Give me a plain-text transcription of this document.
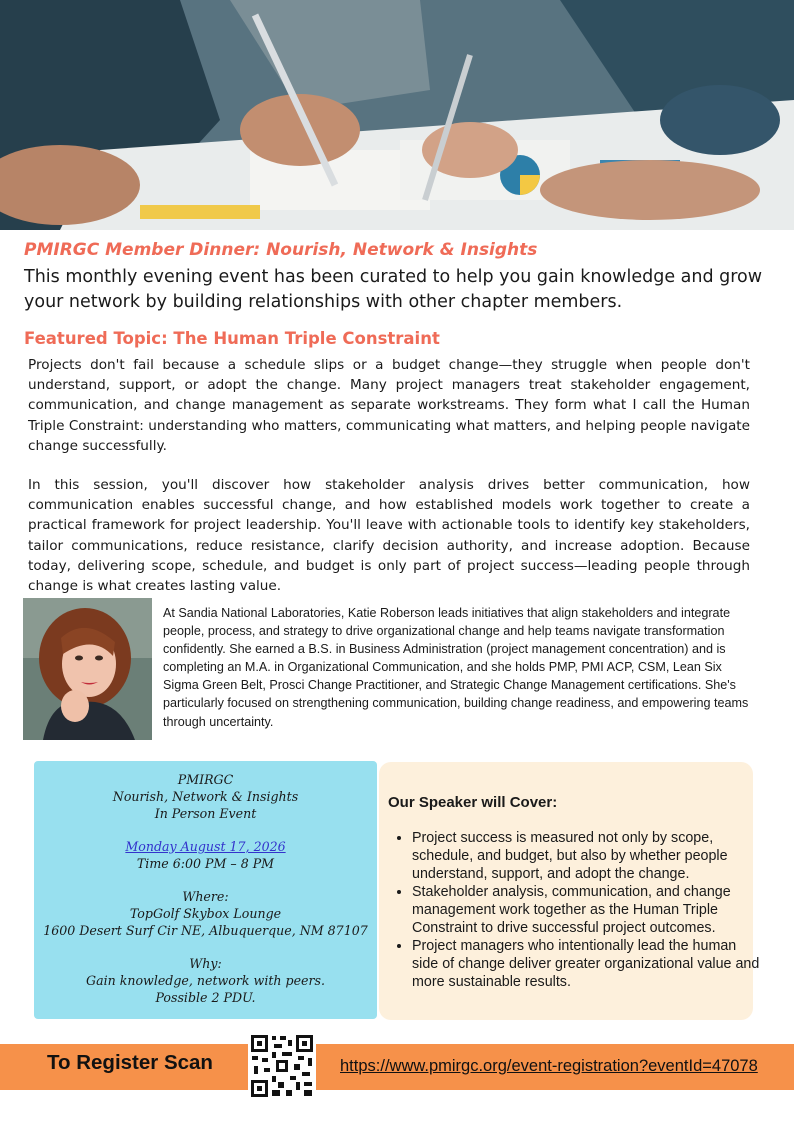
PMIRGC Member Dinner: Nourish, Network & Insights

This monthly evening event has been curated to help you gain knowledge and grow your network by building relationships with other chapter members.

Featured Topic: The Human Triple Constraint

Projects don't fail because a schedule slips or a budget change—they struggle when people don't understand, support, or adopt the change. Many project managers treat stakeholder engagement, communication, and change management as separate workstreams. They form what I call the Human Triple Constraint: understanding who matters, communicating what matters, and helping people navigate change successfully.

In this session, you'll discover how stakeholder analysis drives better communication, how communication enables successful change, and how established models work together to create a practical framework for project leadership. You'll leave with actionable tools to identify key stakeholders, tailor communications, reduce resistance, clarify decision authority, and increase adoption. Because today, delivering scope, schedule, and budget is only part of project success—leading people through change is what creates lasting value.

At Sandia National Laboratories, Katie Roberson leads initiatives that align stakeholders and integrate people, process, and strategy to drive organizational change and help teams navigate transformation confidently. She earned a B.S. in Business Administration (project management concentration) and is completing an M.A. in Organizational Communication, and she holds PMP, PMI ACP, CSM, Lean Six Sigma Green Belt, Prosci Change Practitioner, and Strategic Change Management certifications. She's particularly focused on strengthening communication, building change readiness, and empowering teams through uncertainty.

PMIRGC
Nourish, Network & Insights
In Person Event
Monday August 17, 2026
Time 6:00 PM – 8 PM
Where:
TopGolf Skybox Lounge
1600 Desert Surf Cir NE, Albuquerque, NM 87107
Why:
Gain knowledge, network with peers.
Possible 2 PDU.
Our Speaker will Cover:
• Project success is measured not only by scope, schedule, and budget, but also by whether people understand, support, and adopt the change.
• Stakeholder analysis, communication, and change management work together as the Human Triple Constraint to drive successful project outcomes.
• Project managers who intentionally lead the human side of change deliver greater organizational value and more sustainable results.

To Register Scan	https://www.pmirgc.org/event-registration?eventId=47078
